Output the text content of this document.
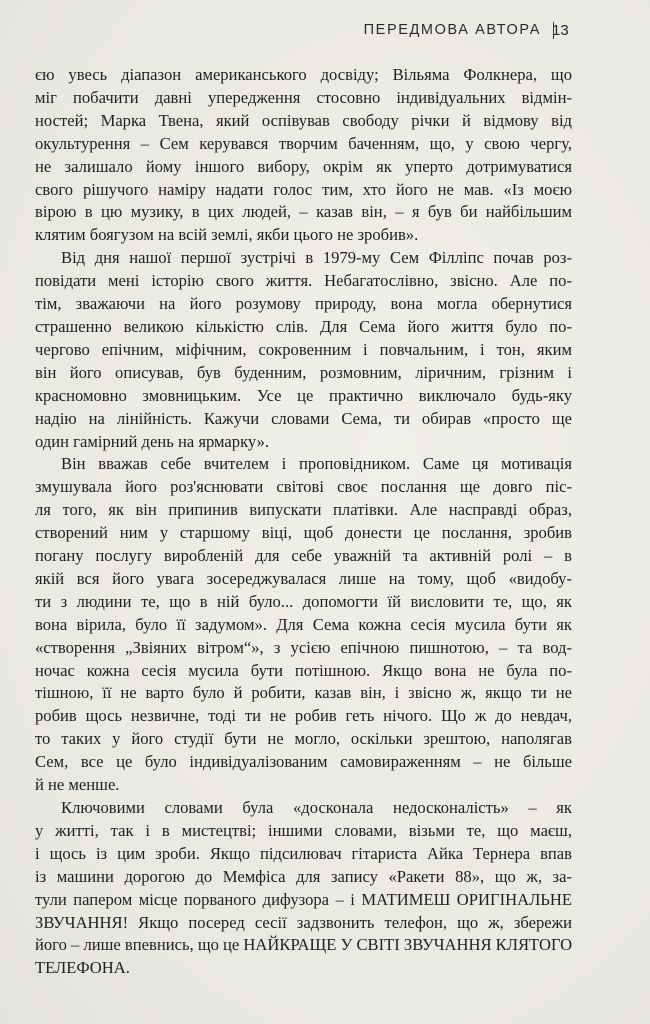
ПЕРЕДМОВА АВТОРА 13

єю увесь діапазон американського досвіду; Вільяма Фолкнера, що
міг побачити давні упередження стосовно індивідуальних відмін-
ностей; Марка Твена, який оспівував свободу річки й відмову від
окультурення – Сем керувався творчим баченням, що, у свою чергу,
не залишало йому іншого вибору, окрім як уперто дотримуватися
свого рішучого наміру надати голос тим, хто його не мав. «Із моєю
вірою в цю музику, в цих людей, – казав він, – я був би найбільшим
клятим боягузом на всій землі, якби цього не зробив».

Від дня нашої першої зустрічі в 1979-му Сем Філліпс почав роз-
повідати мені історію свого життя. Небагатослівно, звісно. Але по-
тім, зважаючи на його розумову природу, вона могла обернутися
страшенно великою кількістю слів. Для Сема його життя було по-
черговo епічним, міфічним, сокровенним і повчальним, і тон, яким
він його описував, був буденним, розмовним, ліричним, грізним і
красномовно змовницьким. Усе це практично виключало будь-яку
надію на лінійність. Кажучи словами Сема, ти обирав «просто ще
один гамірний день на ярмарку».

Він вважав себе вчителем і проповідником. Саме ця мотивація
змушувала його роз'яснювати світові своє послання ще довго піс-
ля того, як він припинив випускати платівки. Але насправді образ,
створений ним у старшому віці, щоб донести це послання, зробив
погану послугу виробленій для себе уважній та активній ролі – в
якій вся його увага зосереджувалася лише на тому, щоб «видобу-
ти з людини те, що в ній було... допомогти їй висловити те, що, як
вона вірила, було її задумом». Для Сема кожна сесія мусила бути як
«створення „Звіяних вітром“», з усією епічною пишнотою, – та вод-
ночас кожна сесія мусила бути потішною. Якщо вона не була по-
тішною, її не варто було й робити, казав він, і звісно ж, якщо ти не
робив щось незвичне, тоді ти не робив геть нічого. Що ж до невдач,
то таких у його студії бути не могло, оскільки зрештою, наполягав
Сем, все це було індивідуалізованим самовираженням – не більше
й не менше.

Ключовими словами була «досконала недосконалість» – як
у житті, так і в мистецтві; іншими словами, візьми те, що маєш,
і щось із цим зроби. Якщо підсилювач гітариста Айка Тернера впав
із машини дорогою до Мемфіса для запису «Ракети 88», що ж, за-
тули папером місце порваного дифузора – і МАТИМЕШ ОРИГІНАЛЬНЕ
ЗВУЧАННЯ! Якщо посеред сесії задзвонить телефон, що ж, збережи
його – лише впевнись, що це НАЙКРАЩЕ У СВІТІ ЗВУЧАННЯ КЛЯТОГО
ТЕЛЕФОНА.
